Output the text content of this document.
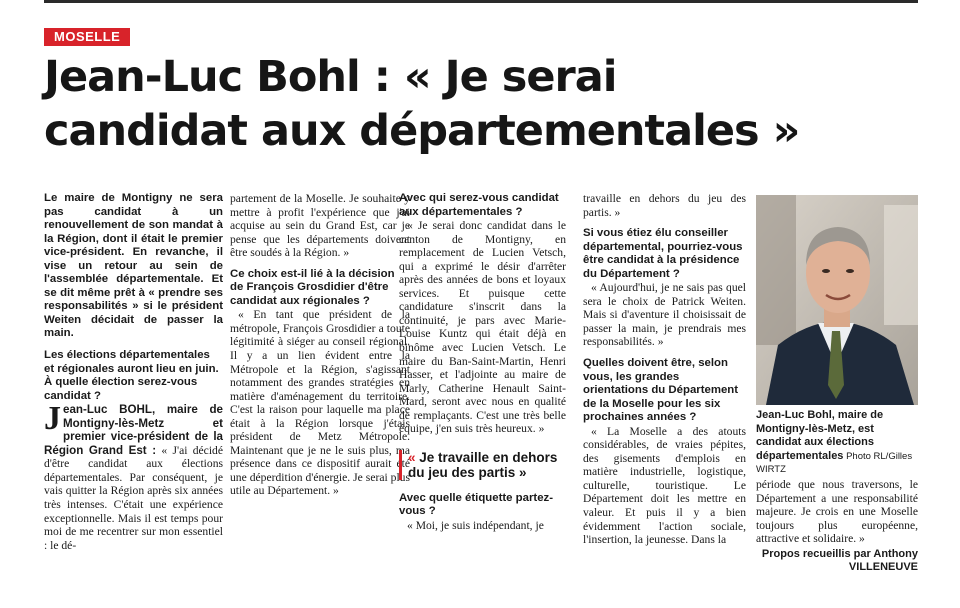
MOSELLE
Jean-Luc Bohl : « Je serai
candidat aux départementales »

Le maire de Montigny ne sera pas candidat à un renouvellement de son mandat à la Région, dont il était le premier vice-président. En revanche, il vise un retour au sein de l'assemblée départementale. Et se dit même prêt à « prendre ses responsabilités » si le président Weiten décidait de passer la main.

Les élections départementales et régionales auront lieu en juin. À quelle élection serez-vous candidat ?

Jean-Luc BOHL, maire de Montigny-lès-Metz et premier vice-président de la Région Grand Est : « J'ai décidé d'être candidat aux élections départementales. Par conséquent, je vais quitter la Région après six années très intenses. C'était une expérience exceptionnelle. Mais il est temps pour moi de me recentrer sur mon essentiel : le dé-

partement de la Moselle. Je souhaite y mettre à profit l'expérience que j'ai acquise au sein du Grand Est, car je pense que les départements doivent être soudés à la Région. »

Ce choix est-il lié à la décision de François Grosdidier d'être candidat aux régionales ?

« En tant que président de la métropole, François Grosdidier a toute légitimité à siéger au conseil régional. Il y a un lien évident entre la Métropole et la Région, s'agissant notamment des grandes stratégies en matière d'aménagement du territoire. C'est la raison pour laquelle ma place était à la Région lorsque j'étais président de Metz Métropole. Maintenant que je ne le suis plus, ma présence dans ce dispositif aurait été une déperdition d'énergie. Je serai plus utile au Département. »

Avec qui serez-vous candidat aux départementales ?

« Je serai donc candidat dans le canton de Montigny, en remplacement de Lucien Vetsch, qui a exprimé le désir d'arrêter après des années de bons et loyaux services. Et puisque cette candidature s'inscrit dans la continuité, je pars avec Marie-Louise Kuntz qui était déjà en binôme avec Lucien Vetsch. Le maire du Ban-Saint-Martin, Henri Hasser, et l'adjointe au maire de Marly, Catherine Henault Saint-Mard, seront avec nous en qualité de remplaçants. C'est une très belle équipe, j'en suis très heureux. »

« Je travaille en dehors du jeu des partis »

Avec quelle étiquette partez-vous ?

« Moi, je suis indépendant, je

travaille en dehors du jeu des partis. »

Si vous étiez élu conseiller départemental, pourriez-vous être candidat à la présidence du Département ?

« Aujourd'hui, je ne sais pas quel sera le choix de Patrick Weiten. Mais si d'aventure il choisissait de passer la main, je prendrais mes responsabilités. »

Quelles doivent être, selon vous, les grandes orientations du Département de la Moselle pour les six prochaines années ?

« La Moselle a des atouts considérables, de vraies pépites, des gisements d'emplois en matière industrielle, logistique, culturelle, touristique. Le Département doit les mettre en valeur. Et puis il y a bien évidemment l'action sociale, l'insertion, la jeunesse. Dans la

Jean-Luc Bohl, maire de Montigny-lès-Metz, est candidat aux élections départementales Photo RL/Gilles WIRTZ

période que nous traversons, le Département a une responsabilité majeure. Je crois en une Moselle toujours plus européenne, attractive et solidaire. »

Propos recueillis par Anthony VILLENEUVE
